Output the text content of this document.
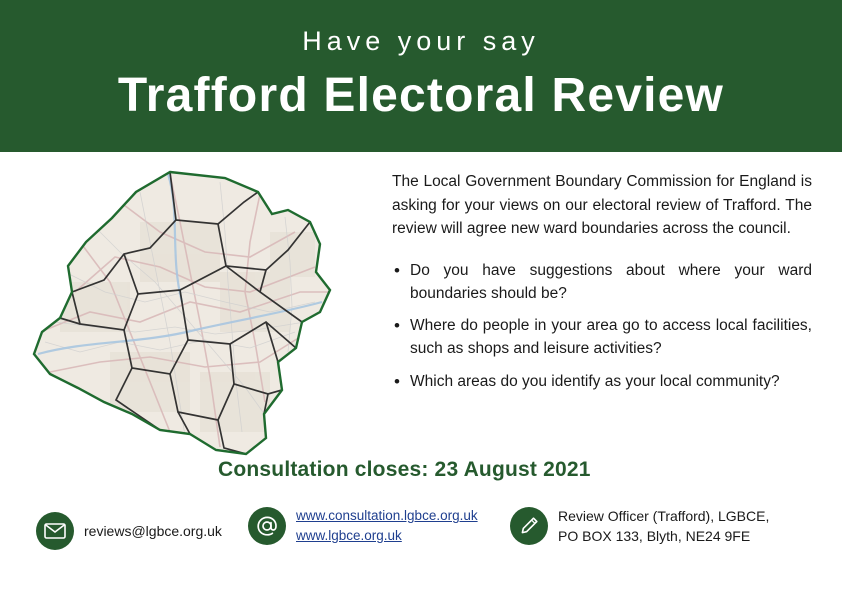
Have your say
Trafford Electoral Review

The Local Government Boundary Commission for England is asking for your views on our electoral review of Trafford. The review will agree new ward boundaries across the council.

• Do you have suggestions about where your ward boundaries should be?
• Where do people in your area go to access local facilities, such as shops and leisure activities?
• Which areas do you identify as your local community?
Consultation closes: 23 August 2021
reviews@lgbce.org.uk
www.consultation.lgbce.org.uk
www.lgbce.org.uk
Review Officer (Trafford), LGBCE,
PO BOX 133, Blyth, NE24 9FE
